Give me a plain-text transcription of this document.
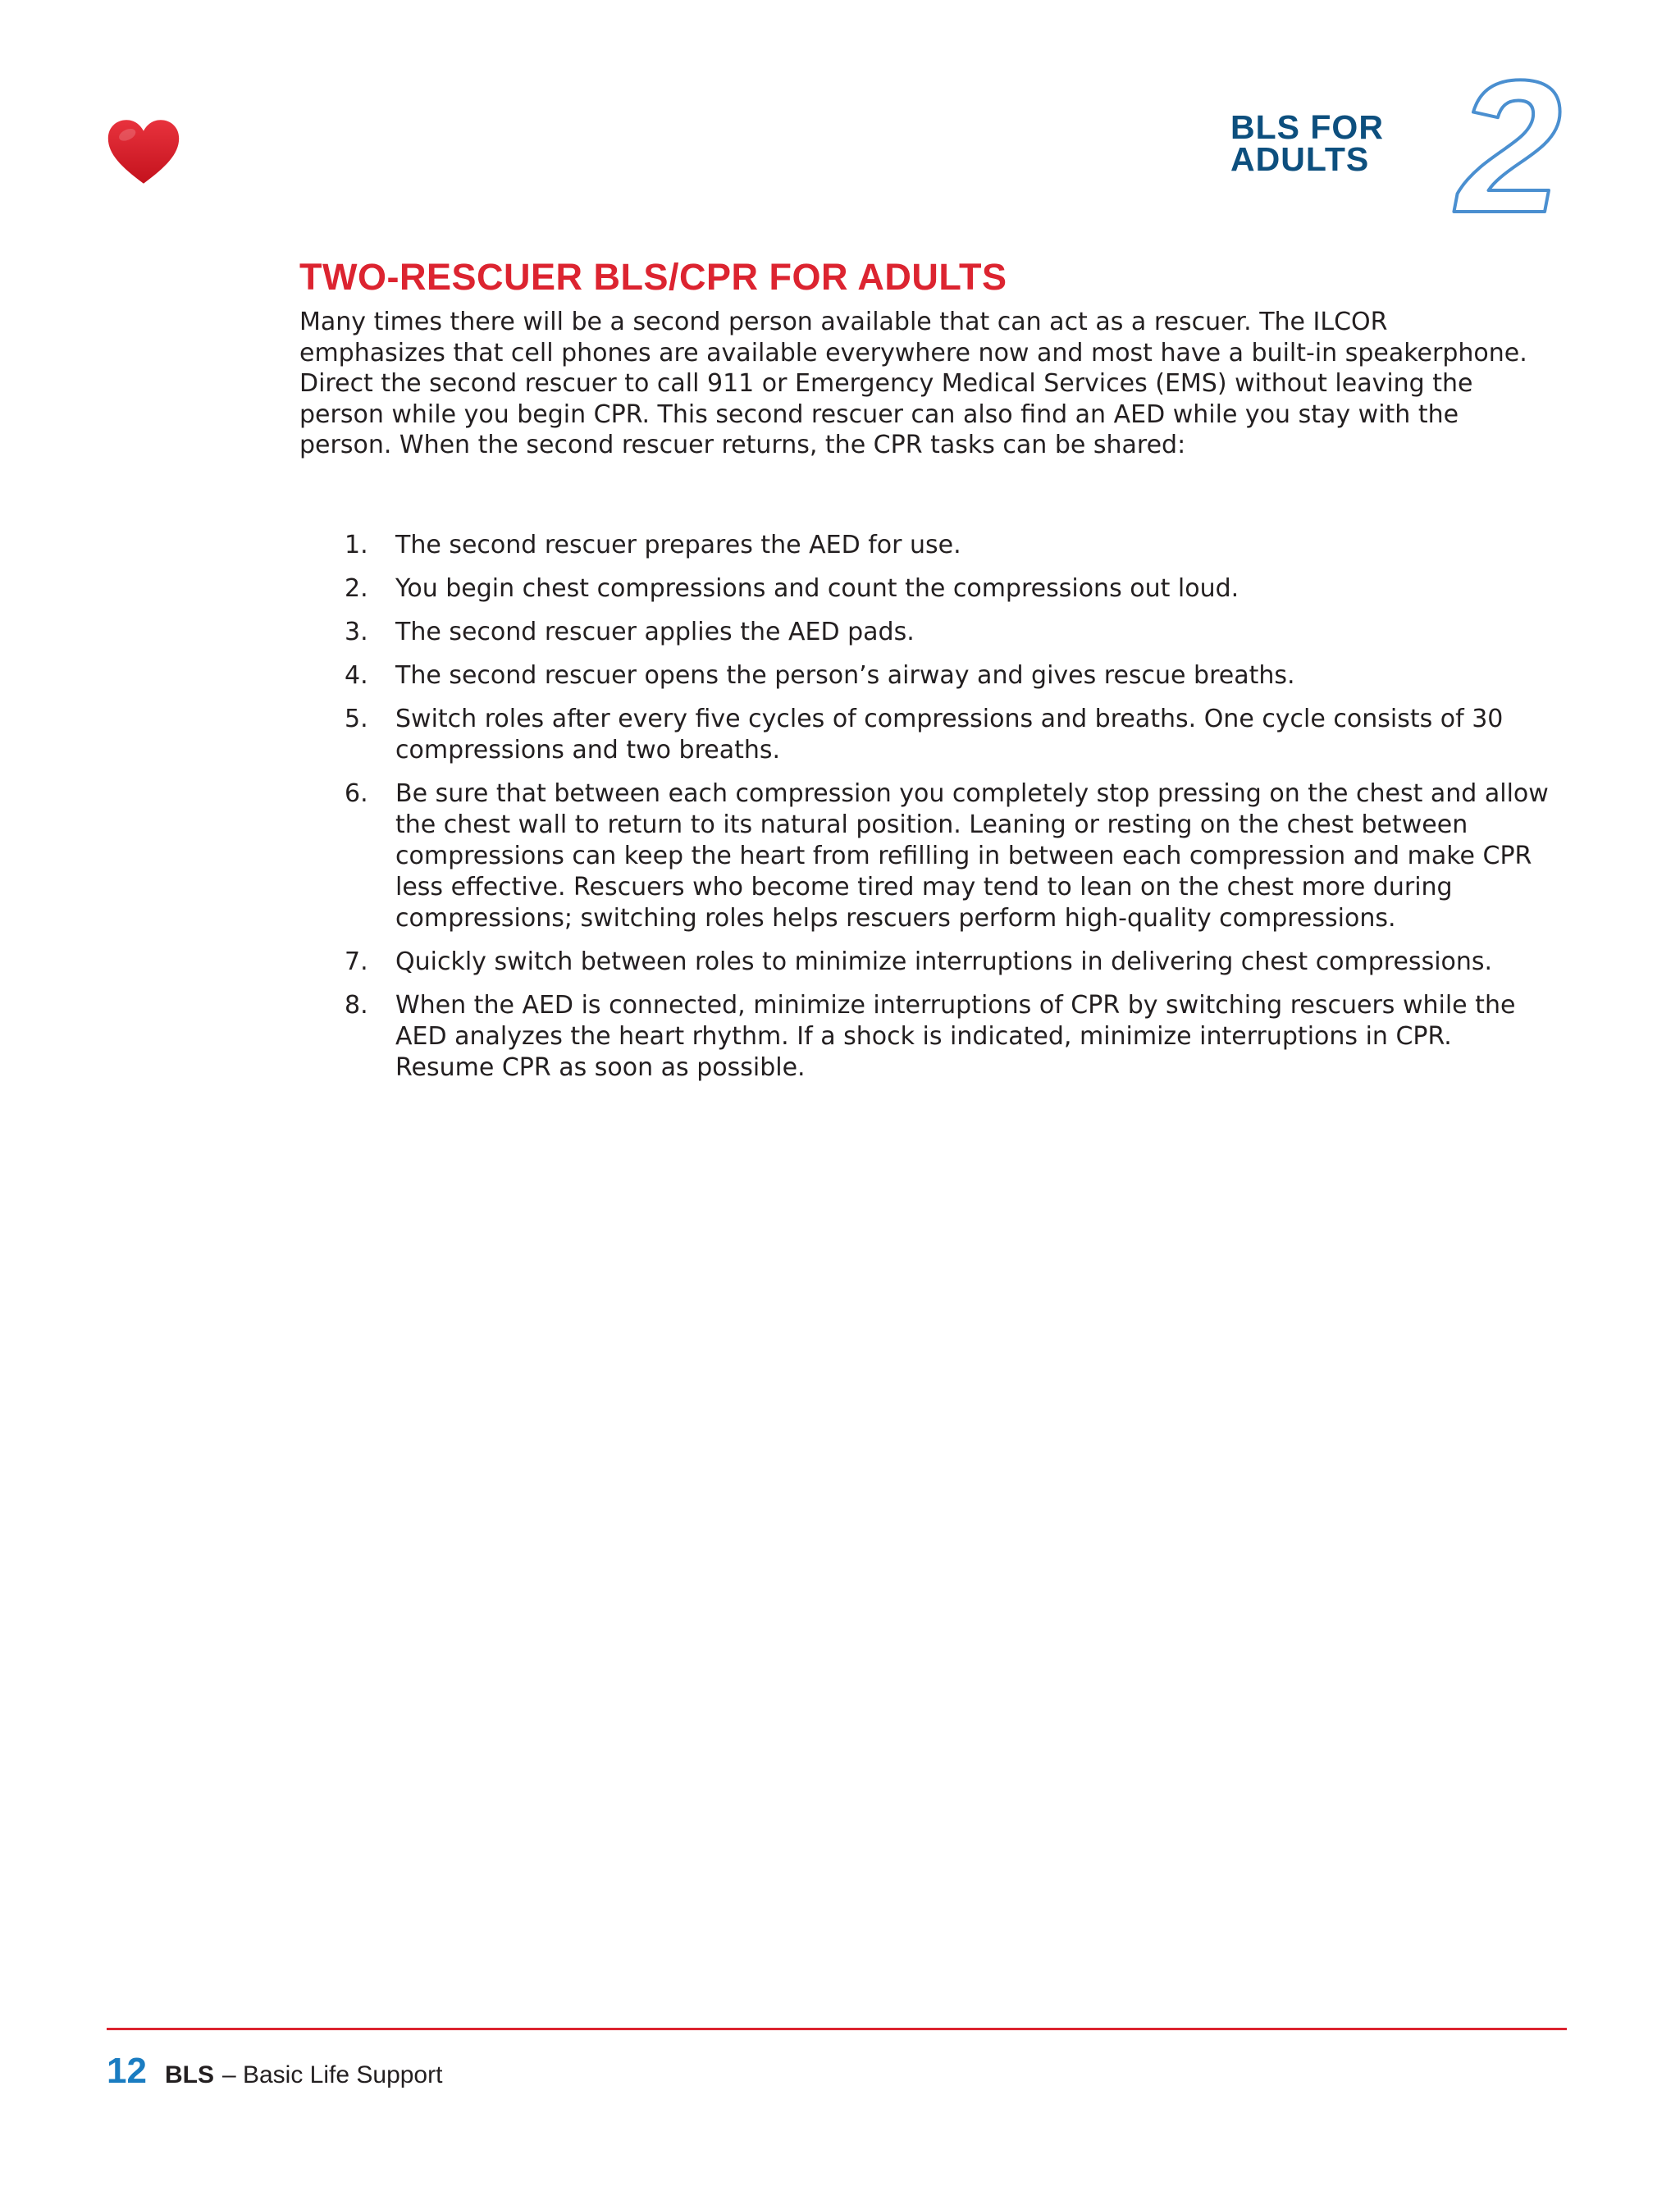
BLS FOR
ADULTS 2
TWO-RESCUER BLS/CPR FOR ADULTS

Many times there will be a second person available that can act as a rescuer. The ILCOR emphasizes that cell phones are available everywhere now and most have a built-in speakerphone. Direct the second rescuer to call 911 or Emergency Medical Services (EMS) without leaving the person while you begin CPR. This second rescuer can also find an AED while you stay with the person. When the second rescuer returns, the CPR tasks can be shared:

1. The second rescuer prepares the AED for use.
2. You begin chest compressions and count the compressions out loud.
3. The second rescuer applies the AED pads.
4. The second rescuer opens the person’s airway and gives rescue breaths.
5. Switch roles after every five cycles of compressions and breaths. One cycle consists of 30 compressions and two breaths.
6. Be sure that between each compression you completely stop pressing on the chest and allow the chest wall to return to its natural position. Leaning or resting on the chest between compressions can keep the heart from refilling in between each compression and make CPR less effective. Rescuers who become tired may tend to lean on the chest more during compressions; switching roles helps rescuers perform high-quality compressions.
7. Quickly switch between roles to minimize interruptions in delivering chest compressions.
8. When the AED is connected, minimize interruptions of CPR by switching rescuers while the AED analyzes the heart rhythm. If a shock is indicated, minimize interruptions in CPR. Resume CPR as soon as possible.
12 BLS – Basic Life Support
